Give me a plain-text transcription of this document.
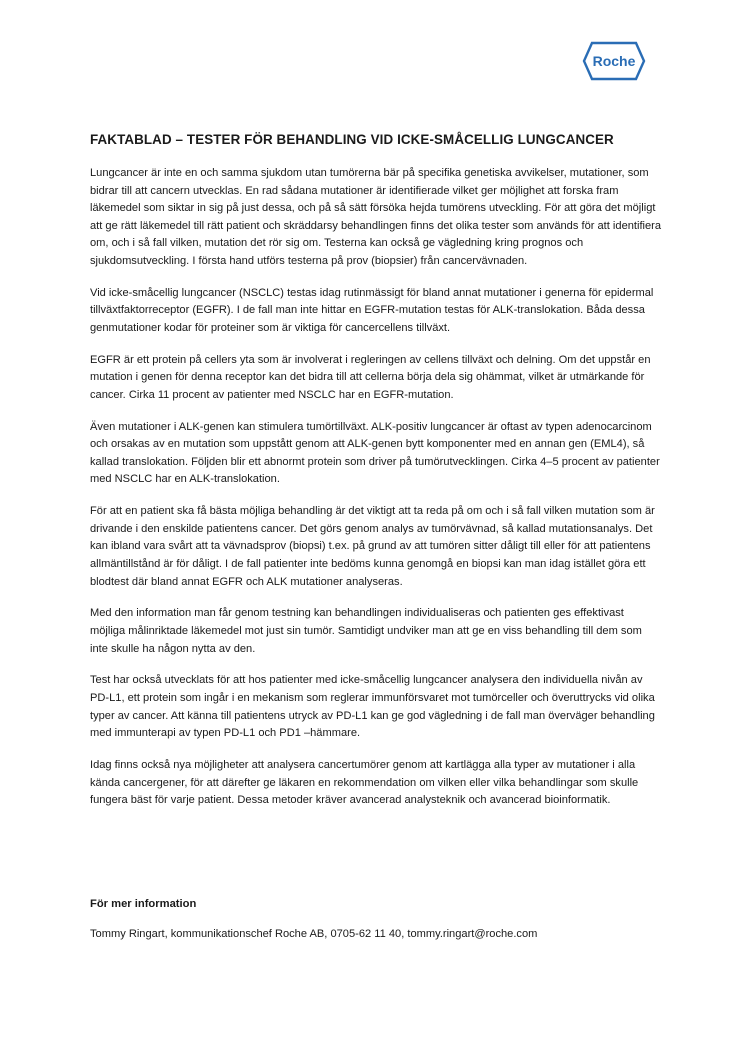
Roche
FAKTABLAD – TESTER FÖR BEHANDLING VID ICKE-SMÅCELLIG LUNGCANCER

Lungcancer är inte en och samma sjukdom utan tumörerna bär på specifika genetiska avvikelser, mutationer, som bidrar till att cancern utvecklas. En rad sådana mutationer är identifierade vilket ger möjlighet att forska fram läkemedel som siktar in sig på just dessa, och på så sätt försöka hejda tumörens utveckling. För att göra det möjligt att ge rätt läkemedel till rätt patient och skräddarsy behandlingen finns det olika tester som används för att identifiera om, och i så fall vilken, mutation det rör sig om. Testerna kan också ge vägledning kring prognos och sjukdomsutveckling. I första hand utförs testerna på prov (biopsier) från cancervävnaden.

Vid icke-småcellig lungcancer (NSCLC) testas idag rutinmässigt för bland annat mutationer i generna för epidermal tillväxtfaktorreceptor (EGFR). I de fall man inte hittar en EGFR-mutation testas för ALK-translokation. Båda dessa genmutationer kodar för proteiner som är viktiga för cancercellens tillväxt.

EGFR är ett protein på cellers yta som är involverat i regleringen av cellens tillväxt och delning. Om det uppstår en mutation i genen för denna receptor kan det bidra till att cellerna börja dela sig ohämmat, vilket är utmärkande för cancer. Cirka 11 procent av patienter med NSCLC har en EGFR-mutation.

Även mutationer i ALK-genen kan stimulera tumörtillväxt. ALK-positiv lungcancer är oftast av typen adenocarcinom och orsakas av en mutation som uppstått genom att ALK-genen bytt komponenter med en annan gen (EML4), så kallad translokation. Följden blir ett abnormt protein som driver på tumörutvecklingen. Cirka 4–5 procent av patienter med NSCLC har en ALK-translokation.

För att en patient ska få bästa möjliga behandling är det viktigt att ta reda på om och i så fall vilken mutation som är drivande i den enskilde patientens cancer. Det görs genom analys av tumörvävnad, så kallad mutationsanalys. Det kan ibland vara svårt att ta vävnadsprov (biopsi) t.ex. på grund av att tumören sitter dåligt till eller för att patientens allmäntillstånd är för dåligt. I de fall patienter inte bedöms kunna genomgå en biopsi kan man idag istället göra ett blodtest där bland annat EGFR och ALK mutationer analyseras.

Med den information man får genom testning kan behandlingen individualiseras och patienten ges effektivast möjliga målinriktade läkemedel mot just sin tumör. Samtidigt undviker man att ge en viss behandling till dem som inte skulle ha någon nytta av den.

Test har också utvecklats för att hos patienter med icke-småcellig lungcancer analysera den individuella nivån av PD-L1, ett protein som ingår i en mekanism som reglerar immunförsvaret mot tumörceller och överuttrycks vid olika typer av cancer. Att känna till patientens utryck av PD-L1 kan ge god vägledning i de fall man överväger behandling med immunterapi av typen PD-L1 och PD1 –hämmare.

Idag finns också nya möjligheter att analysera cancertumörer genom att kartlägga alla typer av mutationer i alla kända cancergener, för att därefter ge läkaren en rekommendation om vilken eller vilka behandlingar som skulle fungera bäst för varje patient. Dessa metoder kräver avancerad analysteknik och avancerad bioinformatik.

För mer information

Tommy Ringart, kommunikationschef Roche AB, 0705-62 11 40, tommy.ringart@roche.com
